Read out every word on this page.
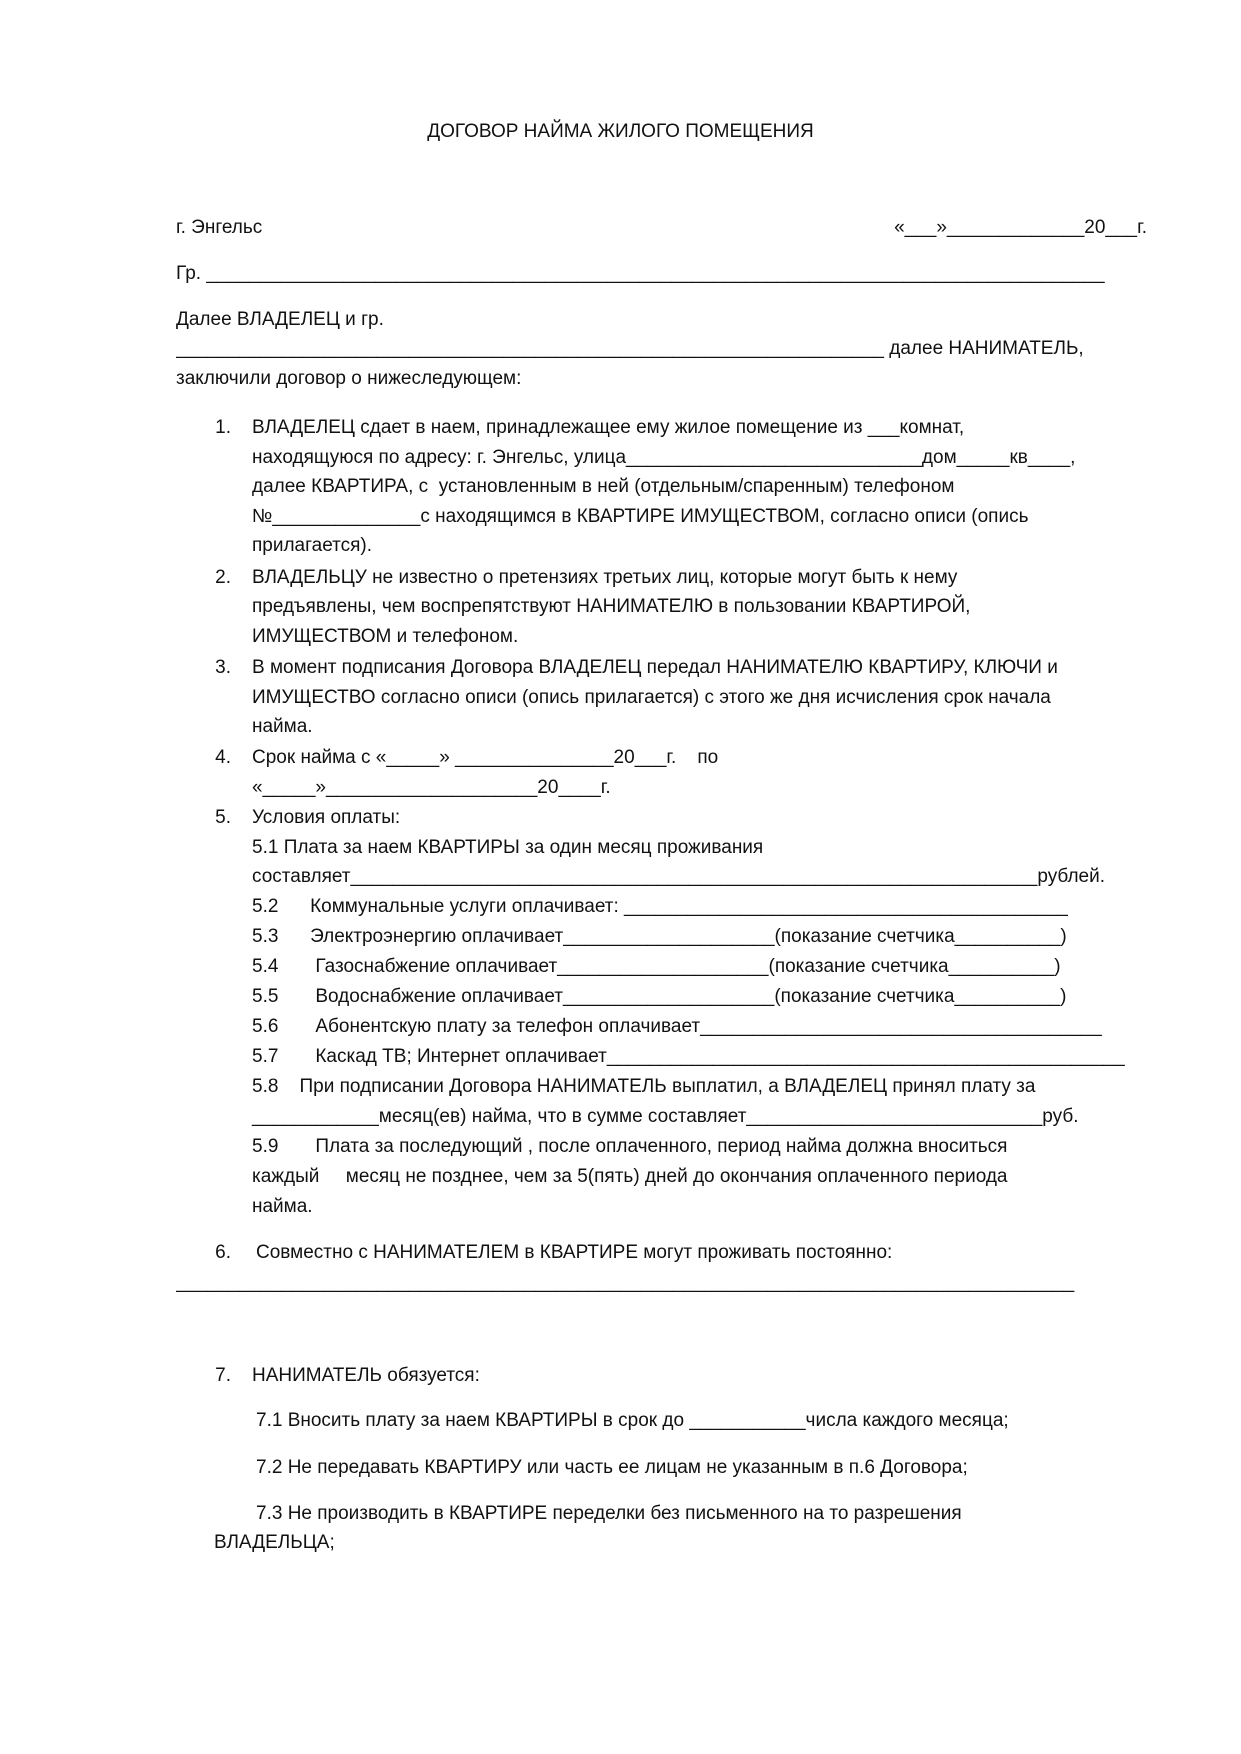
ДОГОВОР НАЙМА ЖИЛОГО ПОМЕЩЕНИЯ
г. Энгельс	«___»_____________20___г.
Гр. _____________________________________________________________________________________
Далее ВЛАДЕЛЕЦ и гр.
___________________________________________________________________ далее НАНИМАТЕЛЬ,
заключили договор о нижеследующем:
1. ВЛАДЕЛЕЦ сдает в наем, принадлежащее ему жилое помещение из ___комнат,
находящуюся по адресу: г. Энгельс, улица____________________________дом_____кв____,
далее КВАРТИРА, с  установленным в ней (отдельным/спаренным) телефоном
№______________с находящимся в КВАРТИРЕ ИМУЩЕСТВОМ, согласно описи (опись
прилагается).
2. ВЛАДЕЛЬЦУ не известно о претензиях третьих лиц, которые могут быть к нему
предъявлены, чем воспрепятствуют НАНИМАТЕЛЮ в пользовании КВАРТИРОЙ,
ИМУЩЕСТВОМ и телефоном.
3. В момент подписания Договора ВЛАДЕЛЕЦ передал НАНИМАТЕЛЮ КВАРТИРУ, КЛЮЧИ и
ИМУЩЕСТВО согласно описи (опись прилагается) с этого же дня исчисления срок начала
найма.
4. Срок найма с «_____» _______________20___г.    по
«_____»____________________20____г.
5. Условия оплаты:
5.1 Плата за наем КВАРТИРЫ за один месяц проживания
составляет_________________________________________________________________рублей.
5.2      Коммунальные услуги оплачивает: __________________________________________
5.3      Электроэнергию оплачивает____________________(показание счетчика__________)
5.4       Газоснабжение оплачивает____________________(показание счетчика__________)
5.5       Водоснабжение оплачивает____________________(показание счетчика__________)
5.6       Абонентскую плату за телефон оплачивает______________________________________
5.7       Каскад ТВ; Интернет оплачивает_________________________________________________
5.8    При подписании Договора НАНИМАТЕЛЬ выплатил, а ВЛАДЕЛЕЦ принял плату за
____________месяц(ев) найма, что в сумме составляет____________________________руб.
5.9       Плата за последующий , после оплаченного, период найма должна вноситься
каждый     месяц не позднее, чем за 5(пять) дней до окончания оплаченного периода
найма.
6. Совместно с НАНИМАТЕЛЕМ в КВАРТИРЕ могут проживать постоянно:
_____________________________________________________________________________________
7. НАНИМАТЕЛЬ обязуется:
7.1 Вносить плату за наем КВАРТИРЫ в срок до ___________числа каждого месяца;
7.2 Не передавать КВАРТИРУ или часть ее лицам не указанным в п.6 Договора;
7.3 Не производить в КВАРТИРЕ переделки без письменного на то разрешения
ВЛАДЕЛЬЦА;
